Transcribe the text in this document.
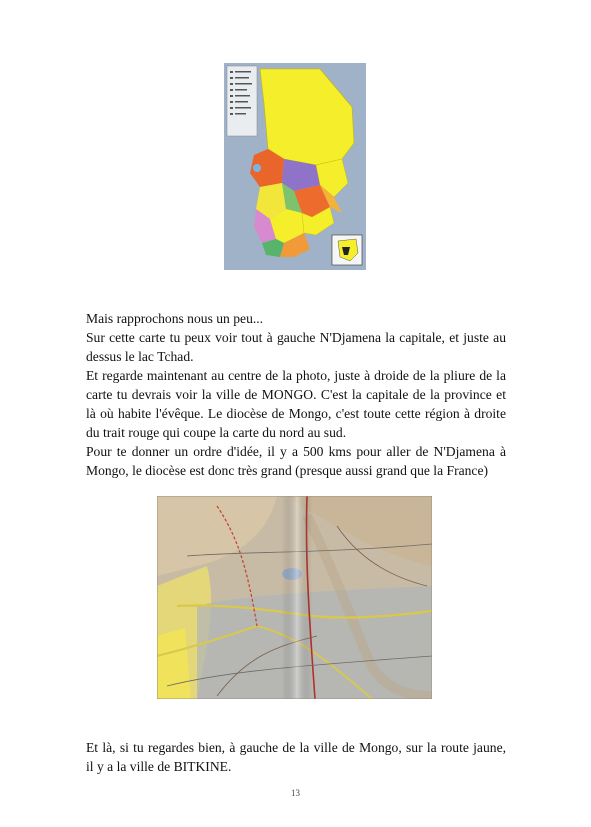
Mais rapprochons nous un peu...
Sur cette carte tu peux voir tout à gauche N'Djamena la capitale, et juste au
dessus le lac Tchad.
Et regarde maintenant au centre de la photo, juste à droide de la pliure de la
carte tu devrais voir la ville de MONGO. C'est la capitale de la province et
là où habite l'évêque. Le diocèse de Mongo, c'est toute cette région à droite
du trait rouge qui coupe la carte du nord au sud.
Pour te donner un ordre d'idée, il y a 500 kms pour aller de N'Djamena à
Mongo, le diocèse est donc très grand (presque aussi grand que la France)

Et là, si tu regardes bien, à gauche de la ville de Mongo, sur la route jaune,
il y a la ville de BITKINE.

13
